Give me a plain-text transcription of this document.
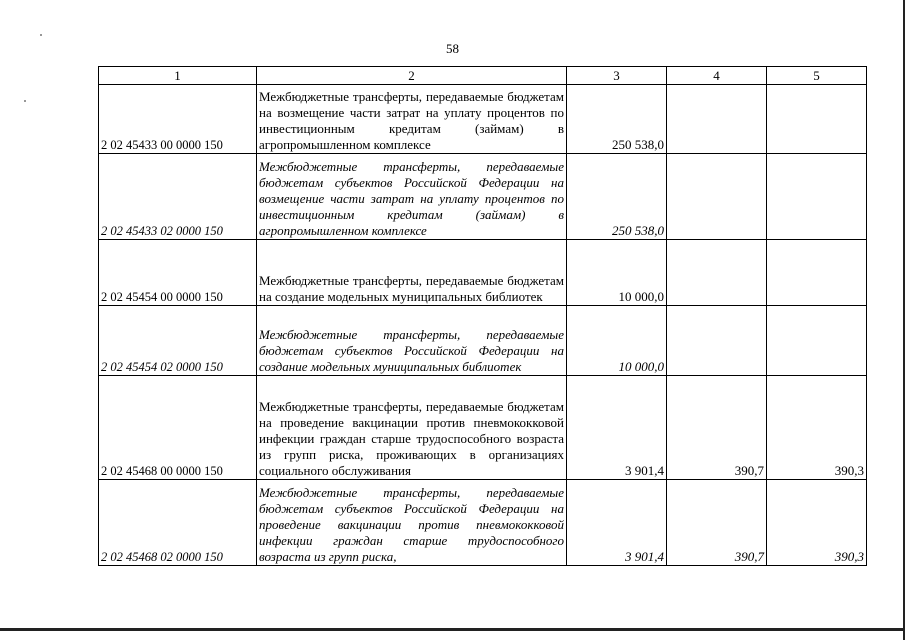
58
1	2	3	4	5
2 02 45433 00 0000 150	Межбюджетные трансферты, передаваемые бюджетам на возмещение части затрат на уплату процентов по инвестиционным кредитам (займам) в агропромышленном комплексе	250 538,0		
2 02 45433 02 0000 150	Межбюджетные трансферты, передаваемые бюджетам субъектов Российской Федерации на возмещение части затрат на уплату процентов по инвестиционным кредитам (займам) в агропромышленном комплексе	250 538,0		
2 02 45454 00 0000 150	Межбюджетные трансферты, передаваемые бюджетам на создание модельных муниципальных библиотек	10 000,0		
2 02 45454 02 0000 150	Межбюджетные трансферты, передаваемые бюджетам субъектов Российской Федерации на создание модельных муниципальных библиотек	10 000,0		
2 02 45468 00 0000 150	Межбюджетные трансферты, передаваемые бюджетам на проведение вакцинации против пневмококковой инфекции граждан старше трудоспособного возраста из групп риска, проживающих в организациях социального обслуживания	3 901,4	390,7	390,3
2 02 45468 02 0000 150	Межбюджетные трансферты, передаваемые бюджетам субъектов Российской Федерации на проведение вакцинации против пневмококковой инфекции граждан старше трудоспособного возраста из групп риска,	3 901,4	390,7	390,3
